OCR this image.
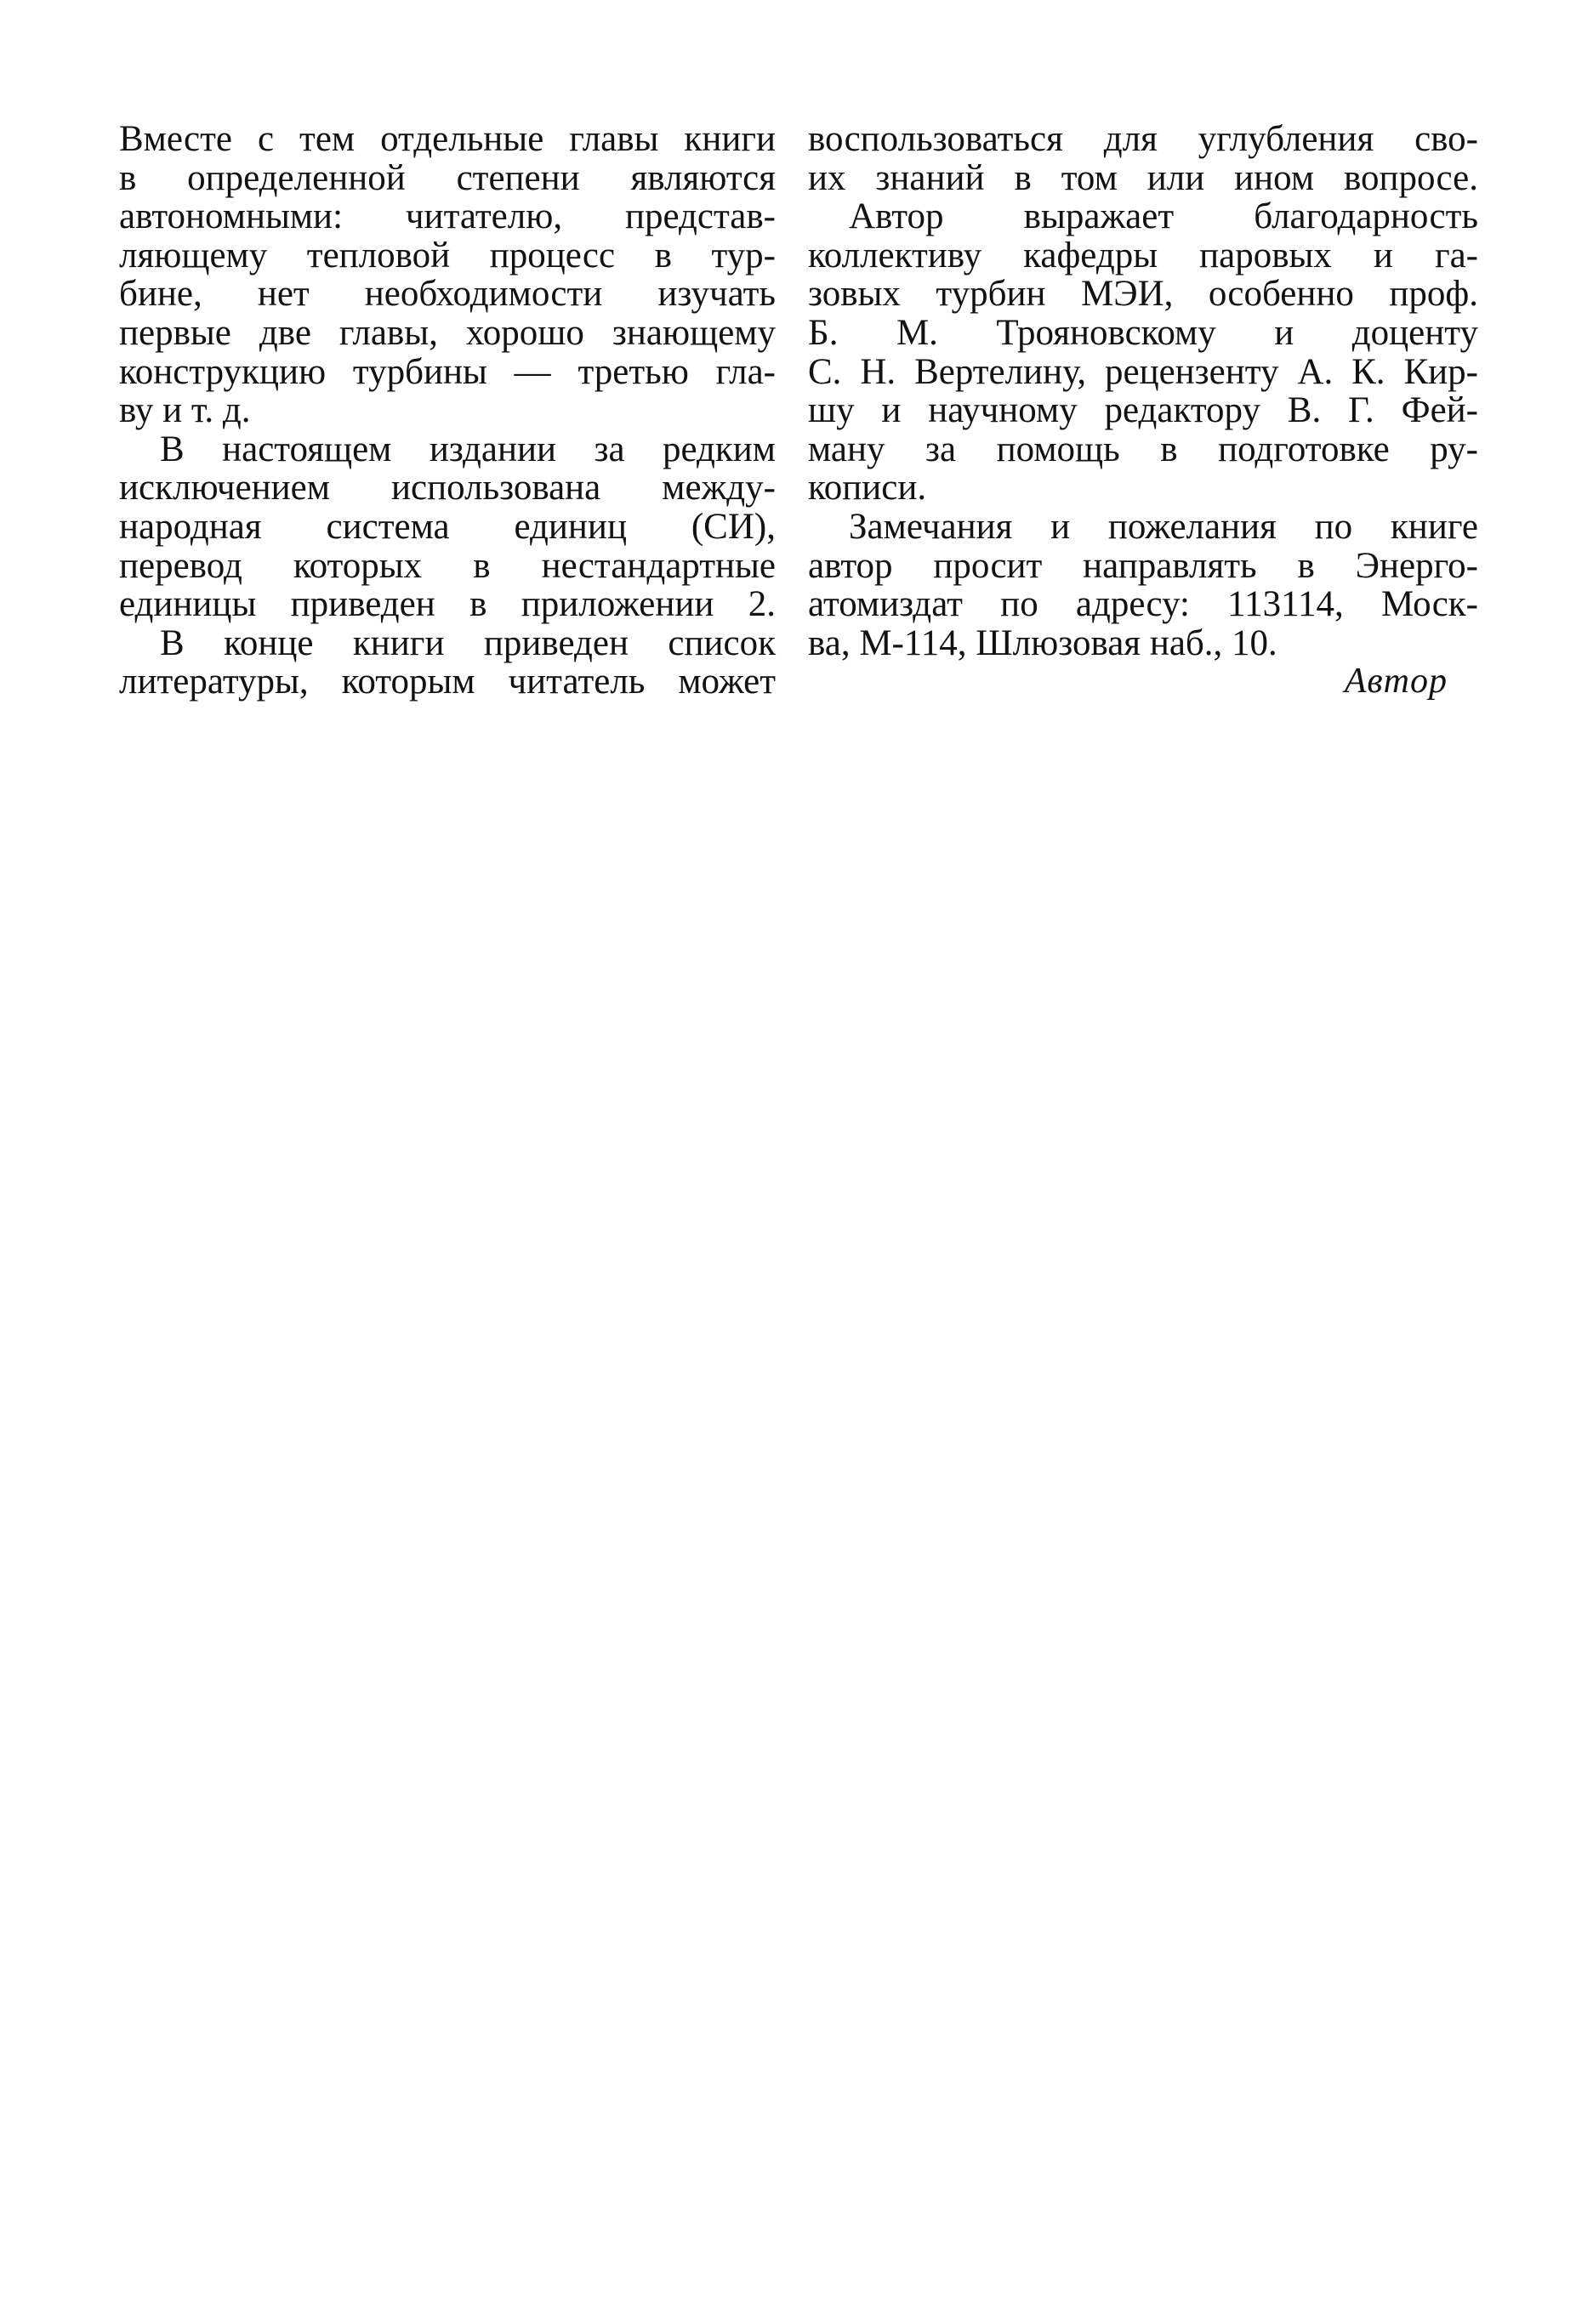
Вместе с тем отдельные главы книги
в определенной степени являются
автономными: читателю, представ-
ляющему тепловой процесс в тур-
бине, нет необходимости изучать
первые две главы, хорошо знающему
конструкцию турбины — третью гла-
ву и т. д.
В настоящем издании за редким
исключением использована между-
народная система единиц (СИ),
перевод которых в нестандартные
единицы приведен в приложении 2.
В конце книги приведен список
литературы, которым читатель может
воспользоваться для углубления сво-
их знаний в том или ином вопросе.
Автор выражает благодарность
коллективу кафедры паровых и га-
зовых турбин МЭИ, особенно проф.
Б. М. Трояновскому и доценту
С. Н. Вертелину, рецензенту А. К. Кир-
шу и научному редактору В. Г. Фей-
ману за помощь в подготовке ру-
кописи.
Замечания и пожелания по книге
автор просит направлять в Энерго-
атомиздат по адресу: 113114, Моск-
ва, М-114, Шлюзовая наб., 10.
Автор
